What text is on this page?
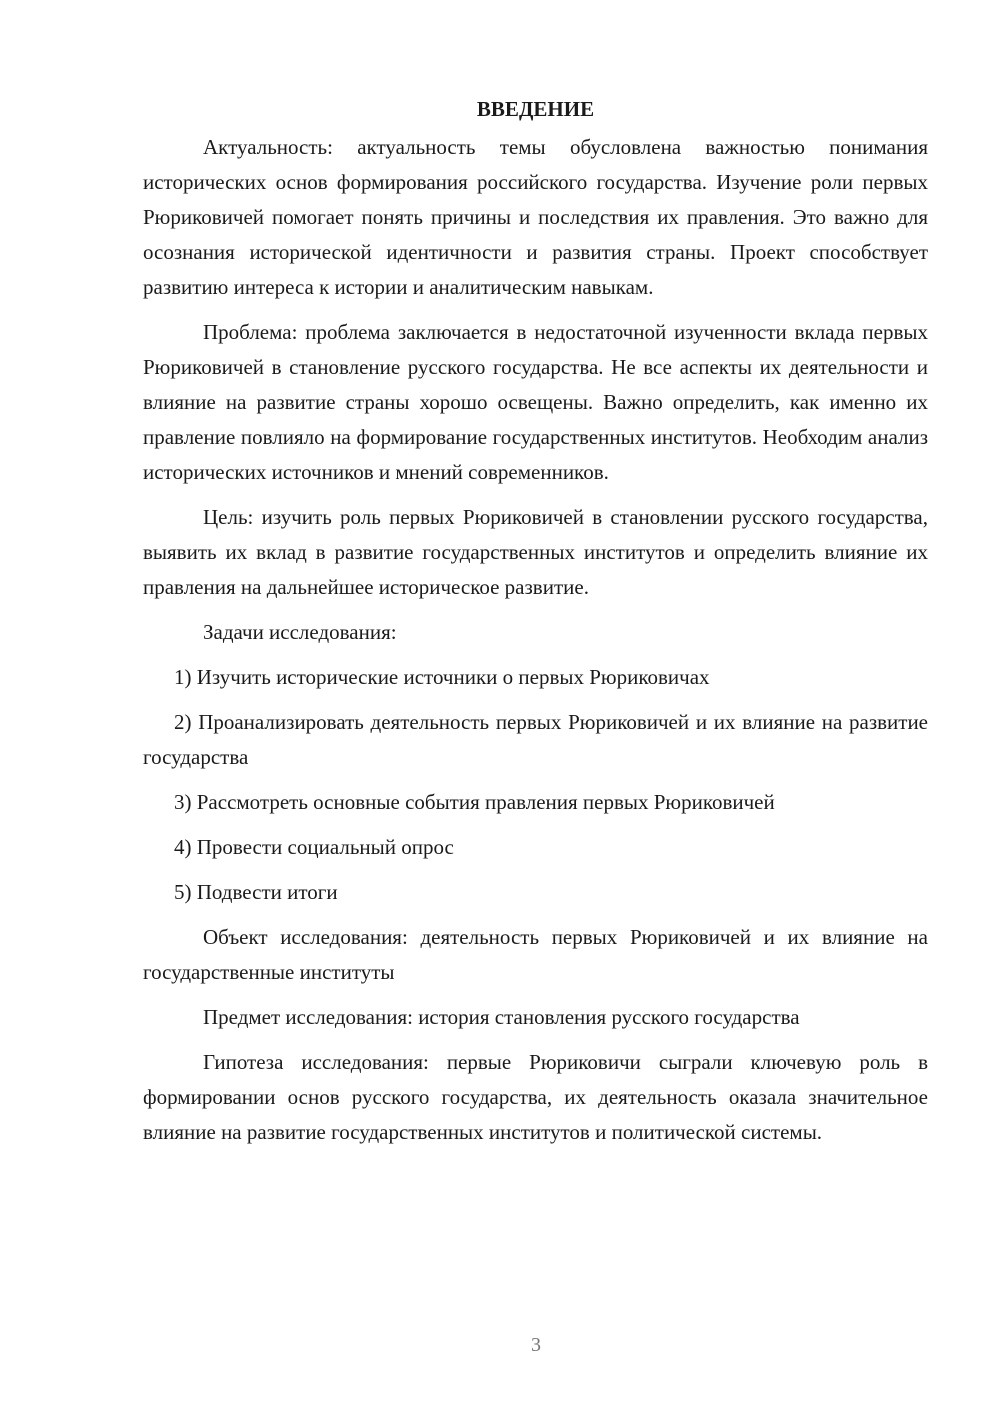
ВВЕДЕНИЕ

Актуальность: актуальность темы обусловлена важностью понимания исторических основ формирования российского государства. Изучение роли первых Рюриковичей помогает понять причины и последствия их правления. Это важно для осознания исторической идентичности и развития страны. Проект способствует развитию интереса к истории и аналитическим навыкам.

Проблема: проблема заключается в недостаточной изученности вклада первых Рюриковичей в становление русского государства. Не все аспекты их деятельности и влияние на развитие страны хорошо освещены. Важно определить, как именно их правление повлияло на формирование государственных институтов. Необходим анализ исторических источников и мнений современников.

Цель: изучить роль первых Рюриковичей в становлении русского государства, выявить их вклад в развитие государственных институтов и определить влияние их правления на дальнейшее историческое развитие.

Задачи исследования:

1) Изучить исторические источники о первых Рюриковичах

2) Проанализировать деятельность первых Рюриковичей и их влияние на развитие государства

3) Рассмотреть основные события правления первых Рюриковичей

4) Провести социальный опрос

5) Подвести итоги

Объект исследования: деятельность первых Рюриковичей и их влияние на государственные институты

Предмет исследования: история становления русского государства

Гипотеза исследования: первые Рюриковичи сыграли ключевую роль в формировании основ русского государства, их деятельность оказала значительное влияние на развитие государственных институтов и политической системы.

3
